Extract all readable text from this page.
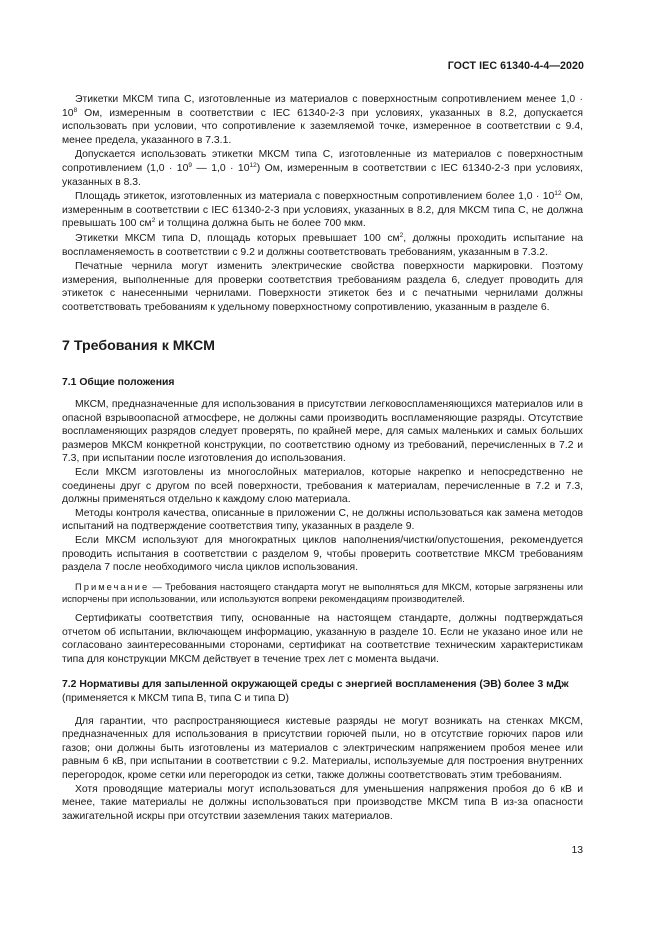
ГОСТ IEC 61340-4-4—2020

Этикетки МКСМ типа С, изготовленные из материалов с поверхностным сопротивлением менее $1,0 \cdot 10^8$ Ом, измеренным в соответствии с IEC 61340-2-3 при условиях, указанных в 8.2, допускается использовать при условии, что сопротивление к заземляемой точке, измеренное в соответствии с 9.4, менее предела, указанного в 7.3.1.

Допускается использовать этикетки МКСМ типа С, изготовленные из материалов с поверхностным сопротивлением ($1,0 \cdot 10^9$ — $1,0 \cdot 10^{12}$) Ом, измеренным в соответствии с IEC 61340-2-3 при условиях, указанных в 8.3.

Площадь этикеток, изготовленных из материала с поверхностным сопротивлением более $1,0 \cdot 10^{12}$ Ом, измеренным в соответствии с IEC 61340-2-3 при условиях, указанных в 8.2, для МКСМ типа С, не должна превышать 100 $см^2$ и толщина должна быть не более 700 мкм.

Этикетки МКСМ типа D, площадь которых превышает 100 $см^2$, должны проходить испытание на воспламеняемость в соответствии с 9.2 и должны соответствовать требованиям, указанным в 7.3.2.

Печатные чернила могут изменить электрические свойства поверхности маркировки. Поэтому измерения, выполненные для проверки соответствия требованиям раздела 6, следует проводить для этикеток с нанесенными чернилами. Поверхности этикеток без и с печатными чернилами должны соответствовать требованиям к удельному поверхностному сопротивлению, указанным в разделе 6.

7 Требования к МКСМ
7.1 Общие положения

МКСМ, предназначенные для использования в присутствии легковоспламеняющихся материалов или в опасной взрывоопасной атмосфере, не должны сами производить воспламеняющие разряды. Отсутствие воспламеняющих разрядов следует проверять, по крайней мере, для самых маленьких и самых больших размеров МКСМ конкретной конструкции, по соответствию одному из требований, перечисленных в 7.2 и 7.3, при испытании после изготовления до использования.

Если МКСМ изготовлены из многослойных материалов, которые накрепко и непосредственно не соединены друг с другом по всей поверхности, требования к материалам, перечисленные в 7.2 и 7.3, должны применяться отдельно к каждому слою материала.

Методы контроля качества, описанные в приложении С, не должны использоваться как замена методов испытаний на подтверждение соответствия типу, указанных в разделе 9.

Если МКСМ используют для многократных циклов наполнения/чистки/опустошения, рекомендуется проводить испытания в соответствии с разделом 9, чтобы проверить соответствие МКСМ требованиям раздела 7 после необходимого числа циклов использования.

Примечание — Требования настоящего стандарта могут не выполняться для МКСМ, которые загрязнены или испорчены при использовании, или используются вопреки рекомендациям производителей.

Сертификаты соответствия типу, основанные на настоящем стандарте, должны подтверждаться отчетом об испытании, включающем информацию, указанную в разделе 10. Если не указано иное или не согласовано заинтересованными сторонами, сертификат на соответствие техническим характеристикам типа для конструкции МКСМ действует в течение трех лет с момента выдачи.

7.2 Нормативы для запыленной окружающей среды с энергией воспламенения (ЭВ) более 3 мДж (применяется к МКСМ типа В, типа С и типа D)

Для гарантии, что распространяющиеся кистевые разряды не могут возникать на стенках МКСМ, предназначенных для использования в присутствии горючей пыли, но в отсутствие горючих паров или газов; они должны быть изготовлены из материалов с электрическим напряжением пробоя менее или равным 6 кВ, при испытании в соответствии с 9.2. Материалы, используемые для построения внутренних перегородок, кроме сетки или перегородок из сетки, также должны соответствовать этим требованиям.

Хотя проводящие материалы могут использоваться для уменьшения напряжения пробоя до 6 кВ и менее, такие материалы не должны использоваться при производстве МКСМ типа В из-за опасности зажигательной искры при отсутствии заземления таких материалов.

13
